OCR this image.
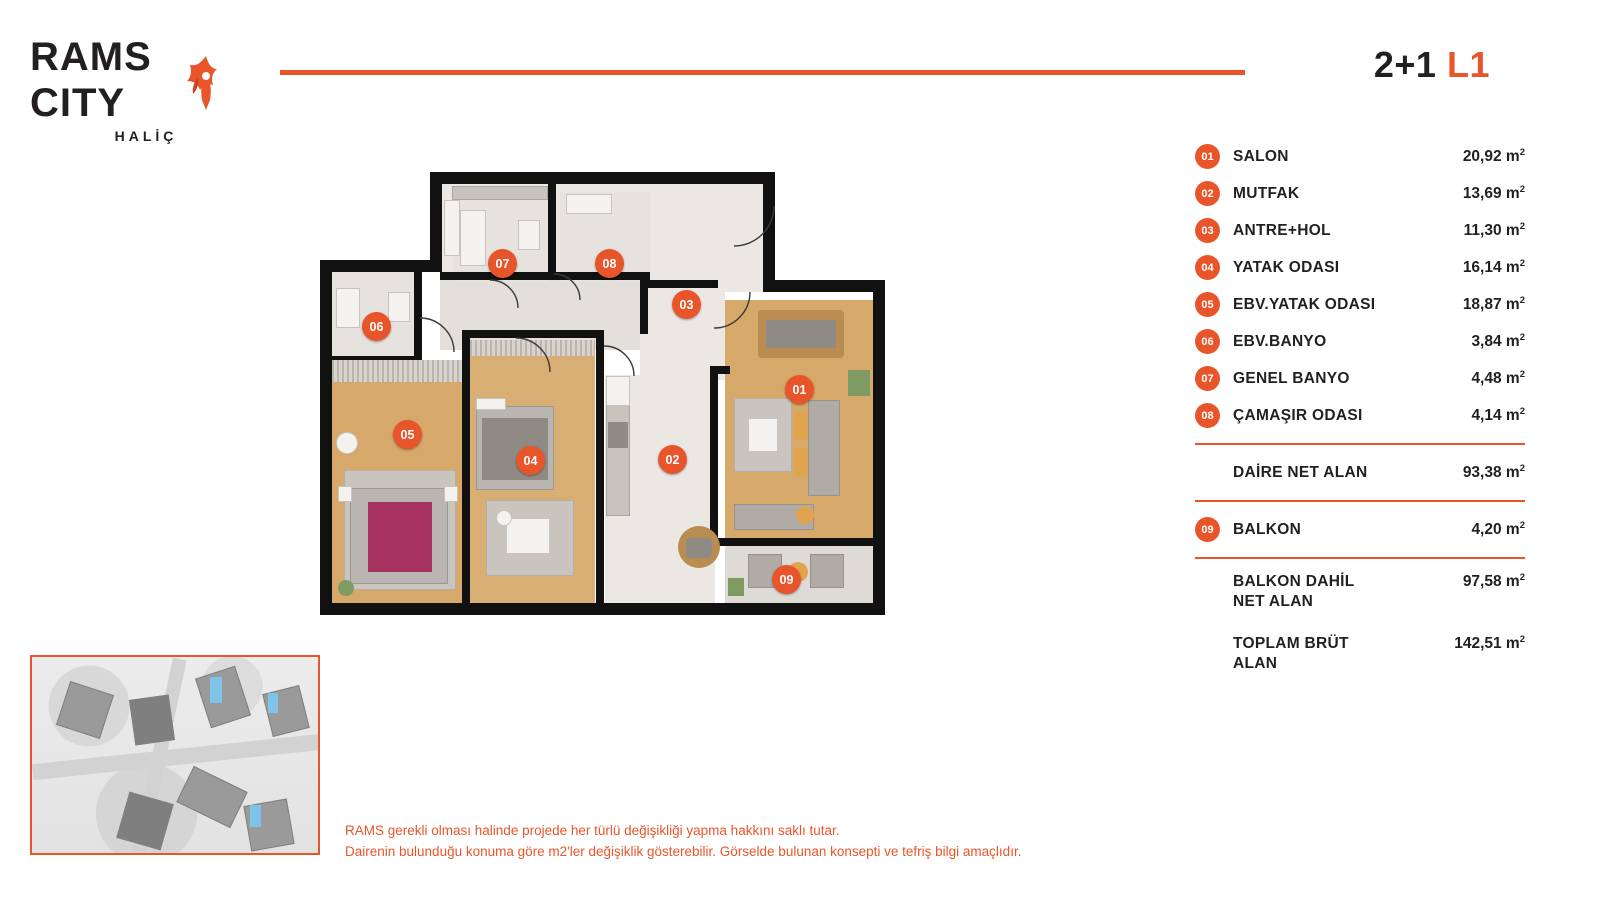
RAMSCITY
HALİÇ
2+1 L1
01	SALON	20,92 $m^2$
02	MUTFAK	13,69 $m^2$
03	ANTRE+HOL	11,30 $m^2$
04	YATAK ODASI	16,14 $m^2$
05	EBV.YATAK ODASI	18,87 $m^2$
06	EBV.BANYO	3,84 $m^2$
07	GENEL BANYO	4,48 $m^2$
08	ÇAMAŞIR ODASI	4,14 $m^2$
DAİRE NET ALAN	93,38 $m^2$
09	BALKON	4,20 $m^2$
BALKON DAHİL
NET ALAN
97,58 $m^2$
TOPLAM BRÜT
ALAN
142,51 $m^2$
01
02
03
04
05
06
07	08
09
RAMS gerekli olması halinde projede her türlü değişikliği yapma hakkını saklı tutar.
Dairenin bulunduğu konuma göre m2'ler değişiklik gösterebilir. Görselde bulunan konsepti ve tefriş bilgi amaçlıdır.
